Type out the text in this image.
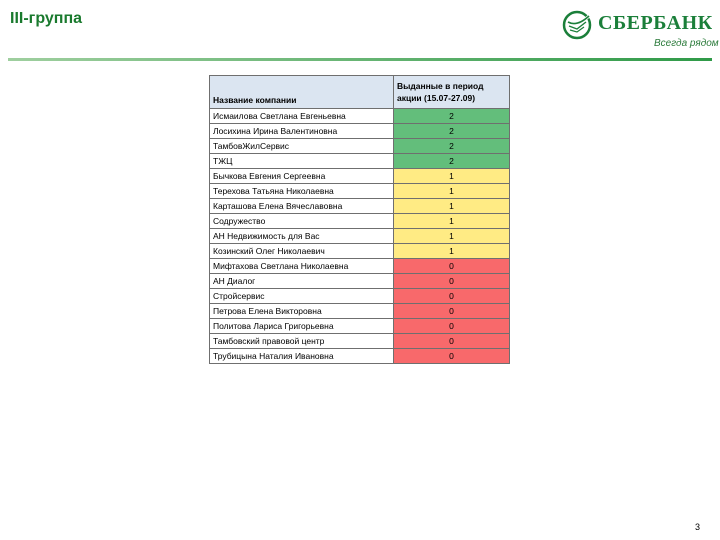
III-группа	СБЕРБАНК
Всегда рядом
Название компании	Выданные в период
акции (15.07-27.09)

Исмаилова Светлана Евгеньевна	2
Лосихина Ирина Валентиновна	2
ТамбовЖилСервис	2
ТЖЦ	2
Бычкова Евгения Сергеевна	1
Терехова Татьяна Николаевна	1
Карташова Елена Вячеславовна	1
Содружество	1
АН Недвижимость для Вас	1
Козинский Олег Николаевич	1
Мифтахова Светлана Николаевна	0
АН Диалог	0
Стройсервис	0
Петрова Елена Викторовна	0
Политова Лариса Григорьевна	0
Тамбовский правовой центр	0
Трубицына Наталия Ивановна	0
3
